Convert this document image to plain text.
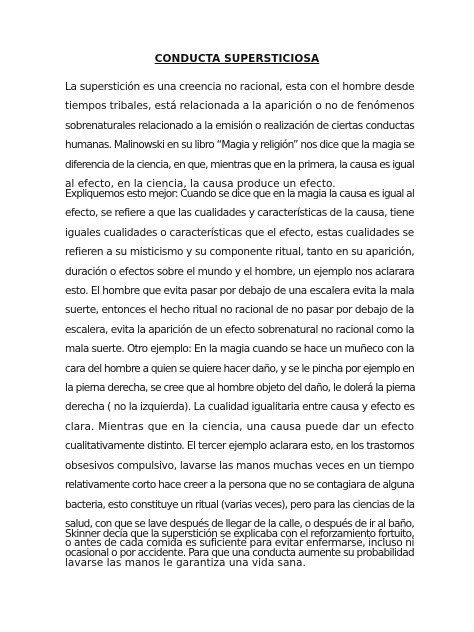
CONDUCTA SUPERSTICIOSA
La superstición es una creencia no racional, esta con el hombre desde
tiempos tribales, está relacionada a la aparición o no de fenómenos
sobrenaturales relacionado a la emisión o realización de ciertas conductas
humanas. Malinowski en su libro “Magia y religión” nos dice que la magia se
diferencia de la ciencia, en que, mientras que en la primera, la causa es igual
al efecto, en la ciencia, la causa produce un efecto.
Expliquemos esto mejor: Cuando se dice que en la magia la causa es igual al
efecto, se refiere a que las cualidades y características de la causa, tiene
iguales cualidades o características que el efecto, estas cualidades se
refieren a su misticismo y su componente ritual, tanto en su aparición,
duración o efectos sobre el mundo y el hombre, un ejemplo nos aclarara
esto. El hombre que evita pasar por debajo de una escalera evita la mala
suerte, entonces el hecho ritual no racional de no pasar por debajo de la
escalera, evita la aparición de un efecto sobrenatural no racional como la
mala suerte. Otro ejemplo: En la magia cuando se hace un muñeco con la
cara del hombre a quien se quiere hacer daño, y se le pincha por ejemplo en
la pierna derecha, se cree que al hombre objeto del daño, le dolerá la pierna
derecha ( no la izquierda). La cualidad igualitaria entre causa y efecto es
clara. Mientras que en la ciencia, una causa puede dar un efecto
cualitativamente distinto. El tercer ejemplo aclarara esto, en los trastornos
obsesivos compulsivo, lavarse las manos muchas veces en un tiempo
relativamente corto hace creer a la persona que no se contagiara de alguna
bacteria, esto constituye un ritual (varias veces), pero para las ciencias de la
salud, con que se lave después de llegar de la calle, o después de ir al baño,
o antes de cada comida es suficiente para evitar enfermarse, incluso ni
lavarse las manos le garantiza una vida sana.
Skinner decía que la superstición se explicaba con el reforzamiento fortuito,
ocasional o por accidente. Para que una conducta aumente su probabilidad
